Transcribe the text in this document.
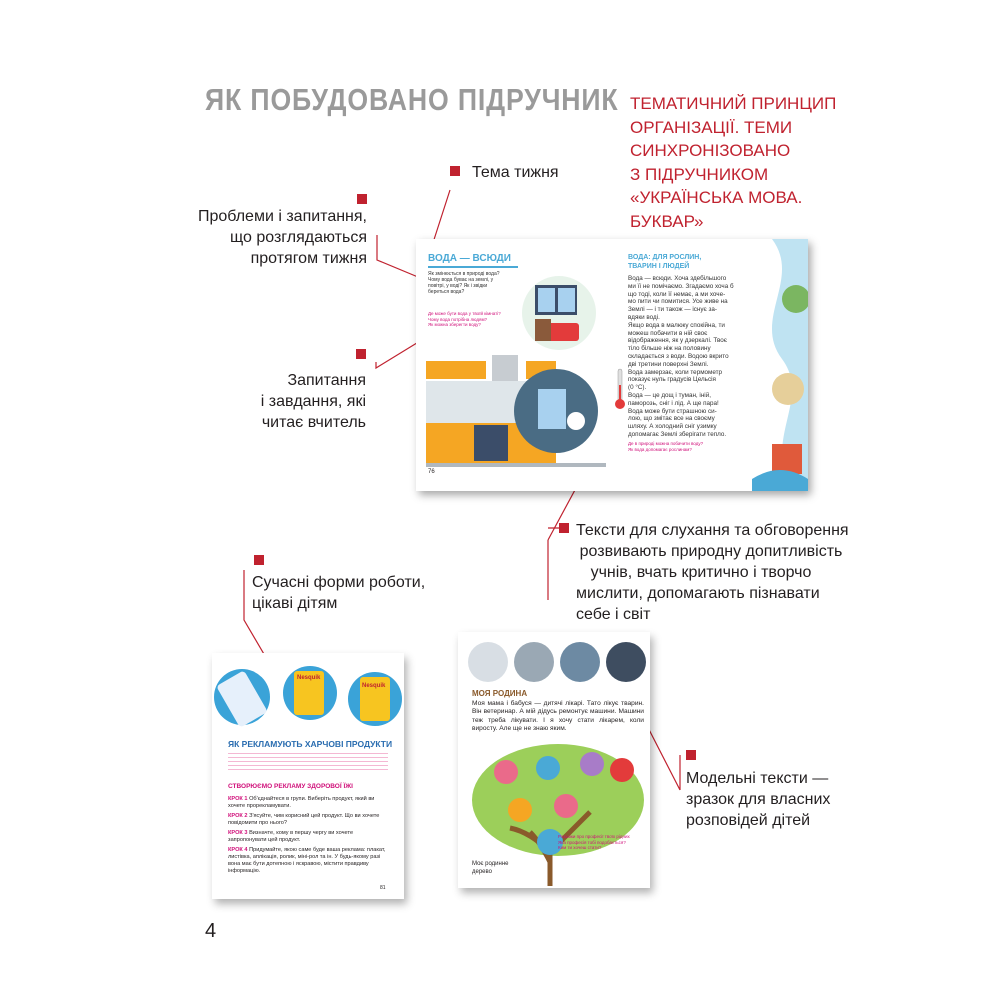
ЯК ПОБУДОВАНО ПІДРУЧНИК ТЕМАТИЧНИЙ ПРИНЦИП
ОРГАНІЗАЦІЇ. ТЕМИ
СИНХРОНІЗОВАНО
З ПІДРУЧНИКОМ
«УКРАЇНСЬКА МОВА.
БУКВАР»
Тема тижня
Проблеми і запитання,
що розглядаються
протягом тижня
Запитання
і завдання, які
читає вчитель
Тексти для слухання та обговорення
розвивають природну допитливість
учнів, вчать критично і творчо
мислити, допомагають пізнавати
себе і світ
Сучасні форми роботи,
цікаві дітям
Модельні тексти —
зразок для власних
розповідей дітей
ВОДА — ВСЮДИ
Як змінюється в природі вода?
Чому вода буває на землі, у
повітрі, у воді? Як і звідки
береться вода?
Де може бути вода у твоїй кімнаті?
Чому вода потрібна людям?
Як можна зберегти воду?
76
ВОДА: ДЛЯ РОСЛИН,
ТВАРИН І ЛЮДЕЙ
Вода — всюди. Хоча здебільшого
ми її не помічаємо. Згадаємо хоча б
що тоді, коли її немає, а ми хоче-
мо пити чи помитися. Усе живе на
Землі — і ти також — існує за-
вдяки воді.
Якщо вода в малюку спокійна, ти
можеш побачити в ній своє
відображення, як у дзеркалі. Твоє
тіло більше ніж на половину
складається з води. Водою вкрито
дві третини поверхні Землі.
Вода замерзає, коли термометр
показує нуль градусів Цельсія
(0 °С).
Вода — це дощ і туман, іній,
паморозь, сніг і лід. А ще пара!
Вода може бути страшною си-
лою, що змітає все на своєму
шляху. А холодний сніг узимку
допомагає Землі зберігати тепло.
Де в природі можна побачити воду?
Як вода допомагає рослинам?
Nesquik
Nesquik
ЯК РЕКЛАМУЮТЬ ХАРЧОВІ ПРОДУКТИ
СТВОРЮЄМО РЕКЛАМУ ЗДОРОВОЇ ЇЖІ
КРОК 1 Об'єднайтеся в групи. Виберіть продукт, який ви хочете прорекламувати.
КРОК 2 З'ясуйте, чим корисний цей продукт. Що ви хочете повідомити про нього?
КРОК 3 Визначте, кому в першу чергу ви хочете запропонувати цей продукт.
КРОК 4 Придумайте, якою саме буде ваша реклама: плакат, листівка, аплікація, ролик, міні-рол та ін. У будь-якому разі вона має бути дотепною і яскравою, містити правдиву інформацію.
81
МОЯ РОДИНА
Моя мама і бабуся — дитячі лікарі. Тато лікує тварин. Він ветеринар. А мій дідусь ремонтує машини. Машини теж треба лікувати. І я хочу стати лікарем, коли виросту. Але ще не знаю яким.
Моє родинне
дерево
Розкажи про професії твоїх рідних
Яка професія тобі подобається?
Ким ти хочеш стати?
4
